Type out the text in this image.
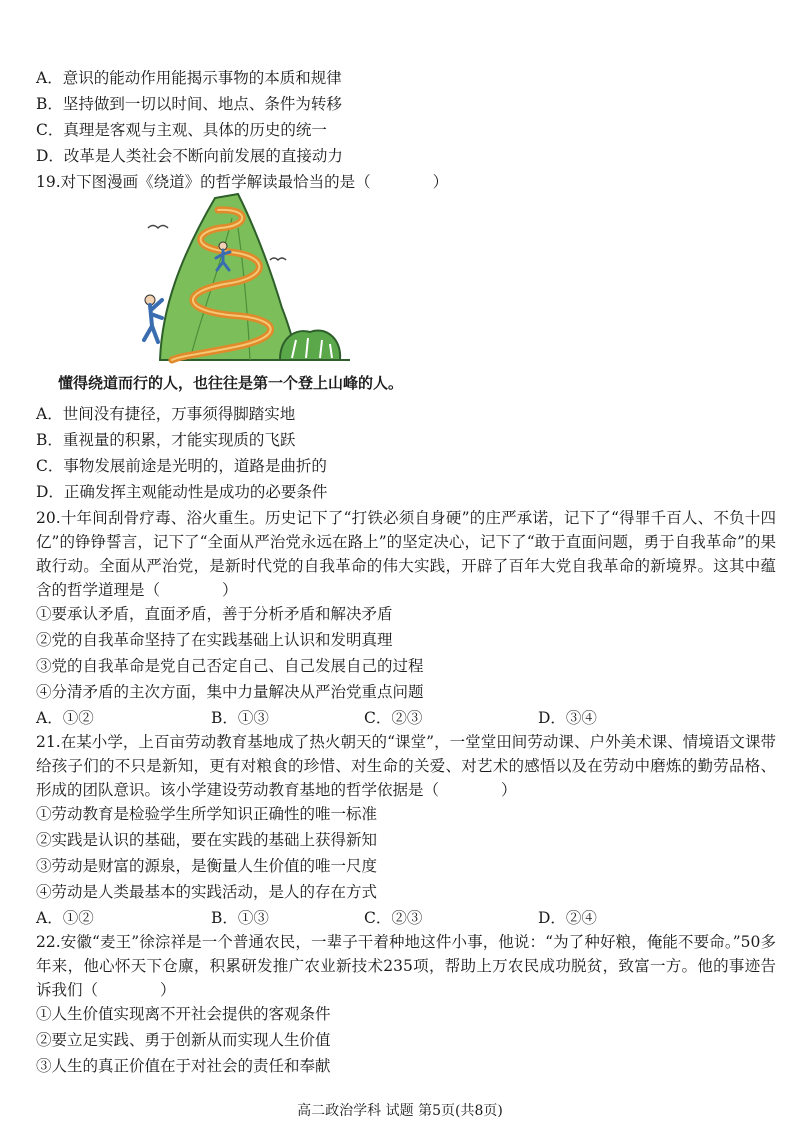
A．意识的能动作用能揭示事物的本质和规律
B．坚持做到一切以时间、地点、条件为转移
C．真理是客观与主观、具体的历史的统一
D．改革是人类社会不断向前发展的直接动力
19.对下图漫画《绕道》的哲学解读最恰当的是（　　　　）
懂得绕道而行的人，也往往是第一个登上山峰的人。
A．世间没有捷径，万事须得脚踏实地
B．重视量的积累，才能实现质的飞跃
C．事物发展前途是光明的，道路是曲折的
D．正确发挥主观能动性是成功的必要条件
20.十年间刮骨疗毒、浴火重生。历史记下了“打铁必须自身硬”的庄严承诺，记下了“得罪千百人、不负十四亿”的铮铮誓言，记下了“全面从严治党永远在路上”的坚定决心，记下了“敢于直面问题，勇于自我革命”的果敢行动。全面从严治党，是新时代党的自我革命的伟大实践，开辟了百年大党自我革命的新境界。这其中蕴含的哲学道理是（　　　　）
①要承认矛盾，直面矛盾，善于分析矛盾和解决矛盾
②党的自我革命坚持了在实践基础上认识和发明真理
③党的自我革命是党自己否定自己、自己发展自己的过程
④分清矛盾的主次方面，集中力量解决从严治党重点问题
A．①②	B．①③	C．②③	D．③④
21.在某小学，上百亩劳动教育基地成了热火朝天的“课堂”，一堂堂田间劳动课、户外美术课、情境语文课带给孩子们的不只是新知，更有对粮食的珍惜、对生命的关爱、对艺术的感悟以及在劳动中磨炼的勤劳品格、形成的团队意识。该小学建设劳动教育基地的哲学依据是（　　　　）
①劳动教育是检验学生所学知识正确性的唯一标准
②实践是认识的基础，要在实践的基础上获得新知
③劳动是财富的源泉，是衡量人生价值的唯一尺度
④劳动是人类最基本的实践活动，是人的存在方式
A．①②	B．①③	C．②③	D．②④
22.安徽“麦王”徐淙祥是一个普通农民，一辈子干着种地这件小事，他说：“为了种好粮，俺能不要命。”50多年来，他心怀天下仓廪，积累研发推广农业新技术235项，帮助上万农民成功脱贫，致富一方。他的事迹告诉我们（　　　　）
①人生价值实现离不开社会提供的客观条件
②要立足实践、勇于创新从而实现人生价值
③人生的真正价值在于对社会的责任和奉献
高二政治学科 试题 第5页(共8页)
